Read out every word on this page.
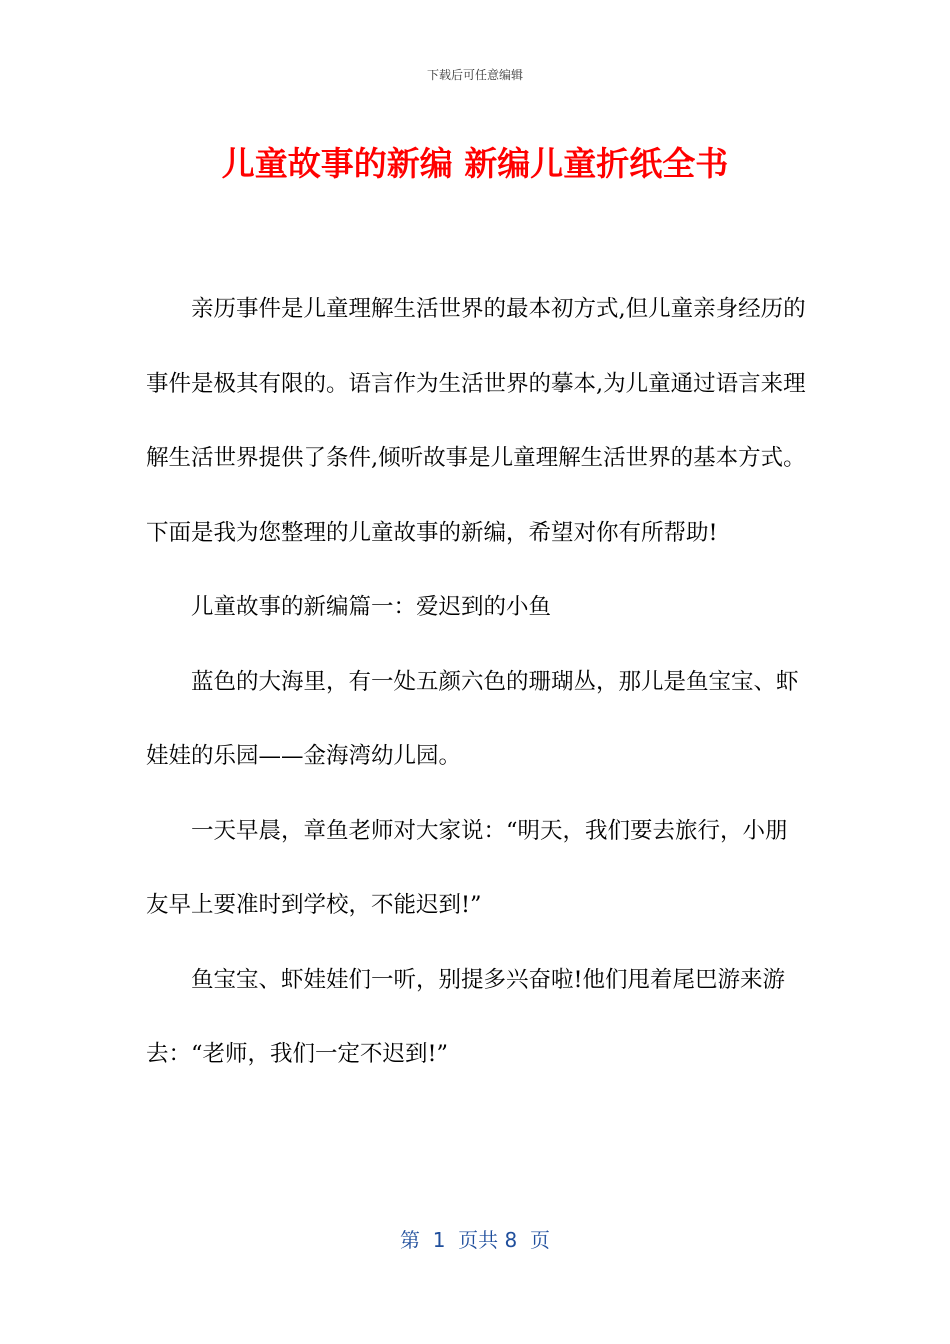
下载后可任意编辑
儿童故事的新编 新编儿童折纸全书

亲历事件是儿童理解生活世界的最本初方式,但儿童亲身经历的事件是极其有限的。语言作为生活世界的摹本,为儿童通过语言来理解生活世界提供了条件,倾听故事是儿童理解生活世界的基本方式。下面是我为您整理的儿童故事的新编，希望对你有所帮助!

儿童故事的新编篇一：爱迟到的小鱼

蓝色的大海里，有一处五颜六色的珊瑚丛，那儿是鱼宝宝、虾娃娃的乐园——金海湾幼儿园。

一天早晨，章鱼老师对大家说：“明天，我们要去旅行，小朋友早上要准时到学校，不能迟到!”

鱼宝宝、虾娃娃们一听，别提多兴奋啦!他们甩着尾巴游来游去：“老师，我们一定不迟到!”

第  1  页共 8  页
